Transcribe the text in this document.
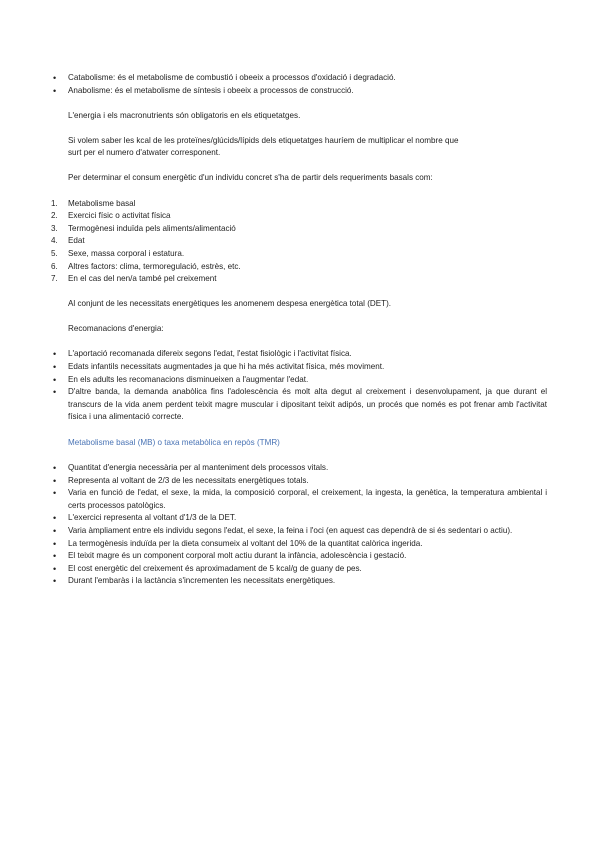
• Catabolisme: és el metabolisme de combustió i obeeix a processos d'oxidació i degradació.
• Anabolisme: és el metabolisme de síntesis i obeeix a processos de construcció.

L'energia i els macronutrients són obligatoris en els etiquetatges.

Si volem saber les kcal de les proteïnes/glúcids/lípids dels etiquetatges hauríem de multiplicar el nombre que
surt per el numero d'atwater corresponent.

Per determinar el consum energètic d'un individu concret s'ha de partir dels requeriments basals com:

1.	Metabolisme basal
2.	Exercici físic o activitat física
3.	Termogènesi induïda pels aliments/alimentació
4.	Edat
5.	Sexe, massa corporal i estatura.
6.	Altres factors: clima, termoregulació, estrès, etc.
7.	En el cas del nen/a també pel creixement

Al conjunt de les necessitats energètiques les anomenem despesa energètica total (DET).

Recomanacions d'energia:

• L'aportació recomanada difereix segons l'edat, l'estat fisiològic i l'activitat física.
• Edats infantils necessitats augmentades ja que hi ha més activitat física, més moviment.
• En els adults les recomanacions disminueixen a l'augmentar l'edat.
• D'altre banda, la demanda anabòlica fins l'adolescència és molt alta degut al creixement i desenvolupament, ja que durant el transcurs de la vida anem perdent teixit magre muscular i dipositant teixit adipós, un procés que només es pot frenar amb l'activitat física i una alimentació correcte.

Metabolisme basal (MB) o taxa metabòlica en repòs (TMR)

• Quantitat d'energia necessària per al manteniment dels processos vitals.
• Representa al voltant de 2/3 de les necessitats energètiques totals.
• Varia en funció de l'edat, el sexe, la mida, la composició corporal, el creixement, la ingesta, la genètica, la temperatura ambiental i certs processos patològics.
• L'exercici representa al voltant d'1/3 de la DET.
• Varia àmpliament entre els individu segons l'edat, el sexe, la feina i l'oci (en aquest cas dependrà de si és sedentari o actiu).
• La termogènesis induïda per la dieta consumeix al voltant del 10% de la quantitat calòrica ingerida.
• El teixit magre és un component corporal molt actiu durant la infància, adolescència i gestació.
• El cost energètic del creixement és aproximadament de 5 kcal/g de guany de pes.
• Durant l'embaràs i la lactància s'incrementen les necessitats energètiques.
